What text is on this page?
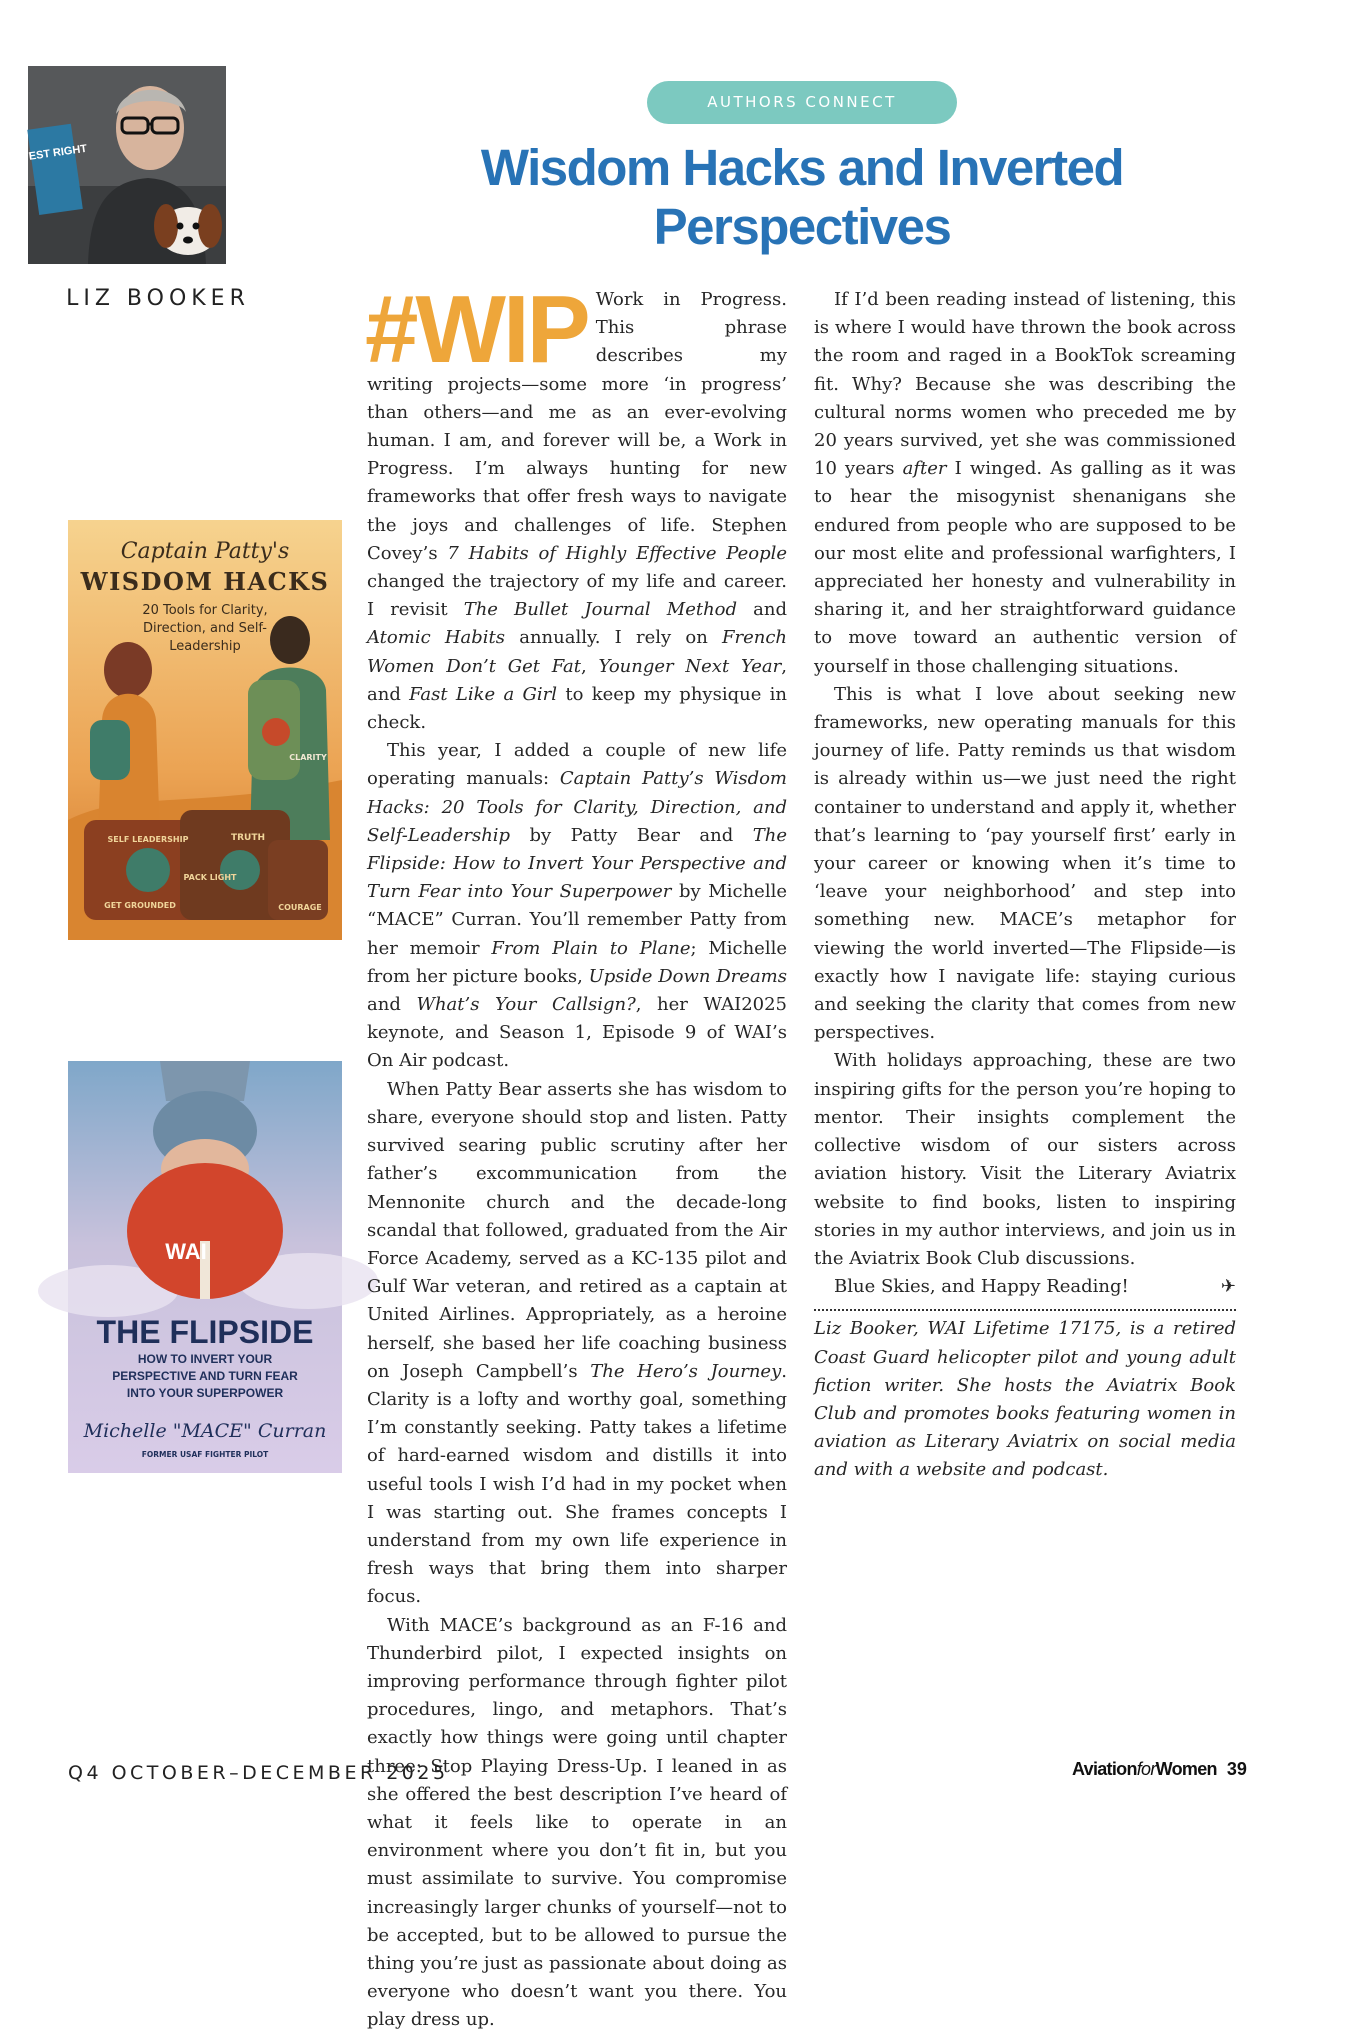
WEST RIGHT
LIZ BOOKER
AUTHORS CONNECT
Wisdom Hacks and Inverted Perspectives
Captain Patty's
WISDOM HACKS
20 Tools for Clarity, Direction, and Self-Leadership
CLARITY
SELF LEADERSHIP	TRUTH
PACK LIGHT
GET GROUNDED	COURAGE
WAI
THE FLIPSIDE
HOW TO INVERT YOUR PERSPECTIVE AND TURN FEAR INTO YOUR SUPERPOWER
Michelle "MACE" Curran
FORMER USAF FIGHTER PILOT

#WIP Work in Progress. This phrase describes my writing projects—some more ‘in progress’ than others—and me as an ever-evolving human. I am, and forever will be, a Work in Progress. I’m always hunting for new frameworks that offer fresh ways to navigate the joys and challenges of life. Stephen Covey’s 7 Habits of Highly Effective People changed the trajectory of my life and career. I revisit The Bullet Journal Method and Atomic Habits annually. I rely on French Women Don’t Get Fat, Younger Next Year, and Fast Like a Girl to keep my physique in check.

This year, I added a couple of new life operating manuals: Captain Patty’s Wisdom Hacks: 20 Tools for Clarity, Direction, and Self-Leadership by Patty Bear and The Flipside: How to Invert Your Perspective and Turn Fear into Your Superpower by Michelle “MACE” Curran. You’ll remember Patty from her memoir From Plain to Plane; Michelle from her picture books, Upside Down Dreams and What’s Your Callsign?, her WAI2025 keynote, and Season 1, Episode 9 of WAI’s On Air podcast.

When Patty Bear asserts she has wisdom to share, everyone should stop and listen. Patty survived searing public scrutiny after her father’s excommunication from the Mennonite church and the decade-long scandal that followed, graduated from the Air Force Academy, served as a KC-135 pilot and Gulf War veteran, and retired as a captain at United Airlines. Appropriately, as a heroine herself, she based her life coaching business on Joseph Campbell’s The Hero’s Journey. Clarity is a lofty and worthy goal, something I’m constantly seeking. Patty takes a lifetime of hard-earned wisdom and distills it into useful tools I wish I’d had in my pocket when I was starting out. She frames concepts I understand from my own life experience in fresh ways that bring them into sharper focus.

With MACE’s background as an F-16 and Thunderbird pilot, I expected insights on improving performance through fighter pilot procedures, lingo, and metaphors. That’s exactly how things were going until chapter three: Stop Playing Dress-Up. I leaned in as she offered the best description I’ve heard of what it feels like to operate in an environment where you don’t fit in, but you must assimilate to survive. You compromise increasingly larger chunks of yourself—not to be accepted, but to be allowed to pursue the thing you’re just as passionate about doing as everyone who doesn’t want you there. You play dress up.

If I’d been reading instead of listening, this is where I would have thrown the book across the room and raged in a BookTok screaming fit. Why? Because she was describing the cultural norms women who preceded me by 20 years survived, yet she was commissioned 10 years after I winged. As galling as it was to hear the misogynist shenanigans she endured from people who are supposed to be our most elite and professional warfighters, I appreciated her honesty and vulnerability in sharing it, and her straightforward guidance to move toward an authentic version of yourself in those challenging situations.

This is what I love about seeking new frameworks, new operating manuals for this journey of life. Patty reminds us that wisdom is already within us—we just need the right container to understand and apply it, whether that’s learning to ‘pay yourself first’ early in your career or knowing when it’s time to ‘leave your neighborhood’ and step into something new. MACE’s metaphor for viewing the world inverted—The Flipside—is exactly how I navigate life: staying curious and seeking the clarity that comes from new perspectives.

With holidays approaching, these are two inspiring gifts for the person you’re hoping to mentor. Their insights complement the collective wisdom of our sisters across aviation history. Visit the Literary Aviatrix website to find books, listen to inspiring stories in my author interviews, and join us in the Aviatrix Book Club discussions.

Blue Skies, and Happy Reading!	✈

Liz Booker, WAI Lifetime 17175, is a retired Coast Guard helicopter pilot and young adult fiction writer. She hosts the Aviatrix Book Club and promotes books featuring women in aviation as Literary Aviatrix on social media and with a website and podcast.

Q4 OCTOBER–DECEMBER 2025	AviationforWomen 39
